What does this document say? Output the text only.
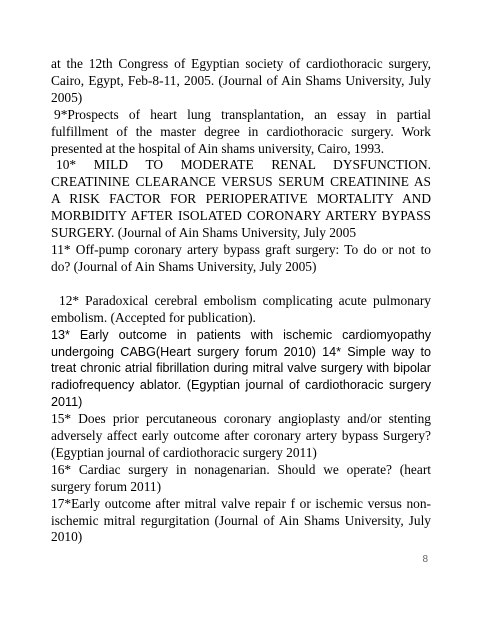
at the 12th Congress of Egyptian society of cardiothoracic surgery, Cairo, Egypt, Feb-8-11, 2005. (Journal of Ain Shams University, July 2005)

9*Prospects of heart lung transplantation, an essay in partial fulfillment of the master degree in cardiothoracic surgery. Work presented at the hospital of Ain shams university, Cairo, 1993.

10* MILD TO MODERATE RENAL DYSFUNCTION. CREATININE CLEARANCE VERSUS SERUM CREATININE AS A RISK FACTOR FOR PERIOPERATIVE MORTALITY AND MORBIDITY AFTER ISOLATED CORONARY ARTERY BYPASS SURGERY. (Journal of Ain Shams University, July 2005

11* Off-pump coronary artery bypass graft surgery: To do or not to do? (Journal of Ain Shams University, July 2005)

12* Paradoxical cerebral embolism complicating acute pulmonary embolism. (Accepted for publication).

13* Early outcome in patients with ischemic cardiomyopathy undergoing CABG(Heart surgery forum 2010) 14* Simple way to treat chronic atrial fibrillation during mitral valve surgery with bipolar radiofrequency ablator. (Egyptian journal of cardiothoracic surgery 2011)

15* Does prior percutaneous coronary angioplasty and/or stenting adversely affect early outcome after coronary artery bypass Surgery? (Egyptian journal of cardiothoracic surgery 2011)

16* Cardiac surgery in nonagenarian. Should we operate? (heart surgery forum 2011)

17*Early outcome after mitral valve repair f or ischemic versus non-ischemic mitral regurgitation (Journal of Ain Shams University, July 2010)

8
